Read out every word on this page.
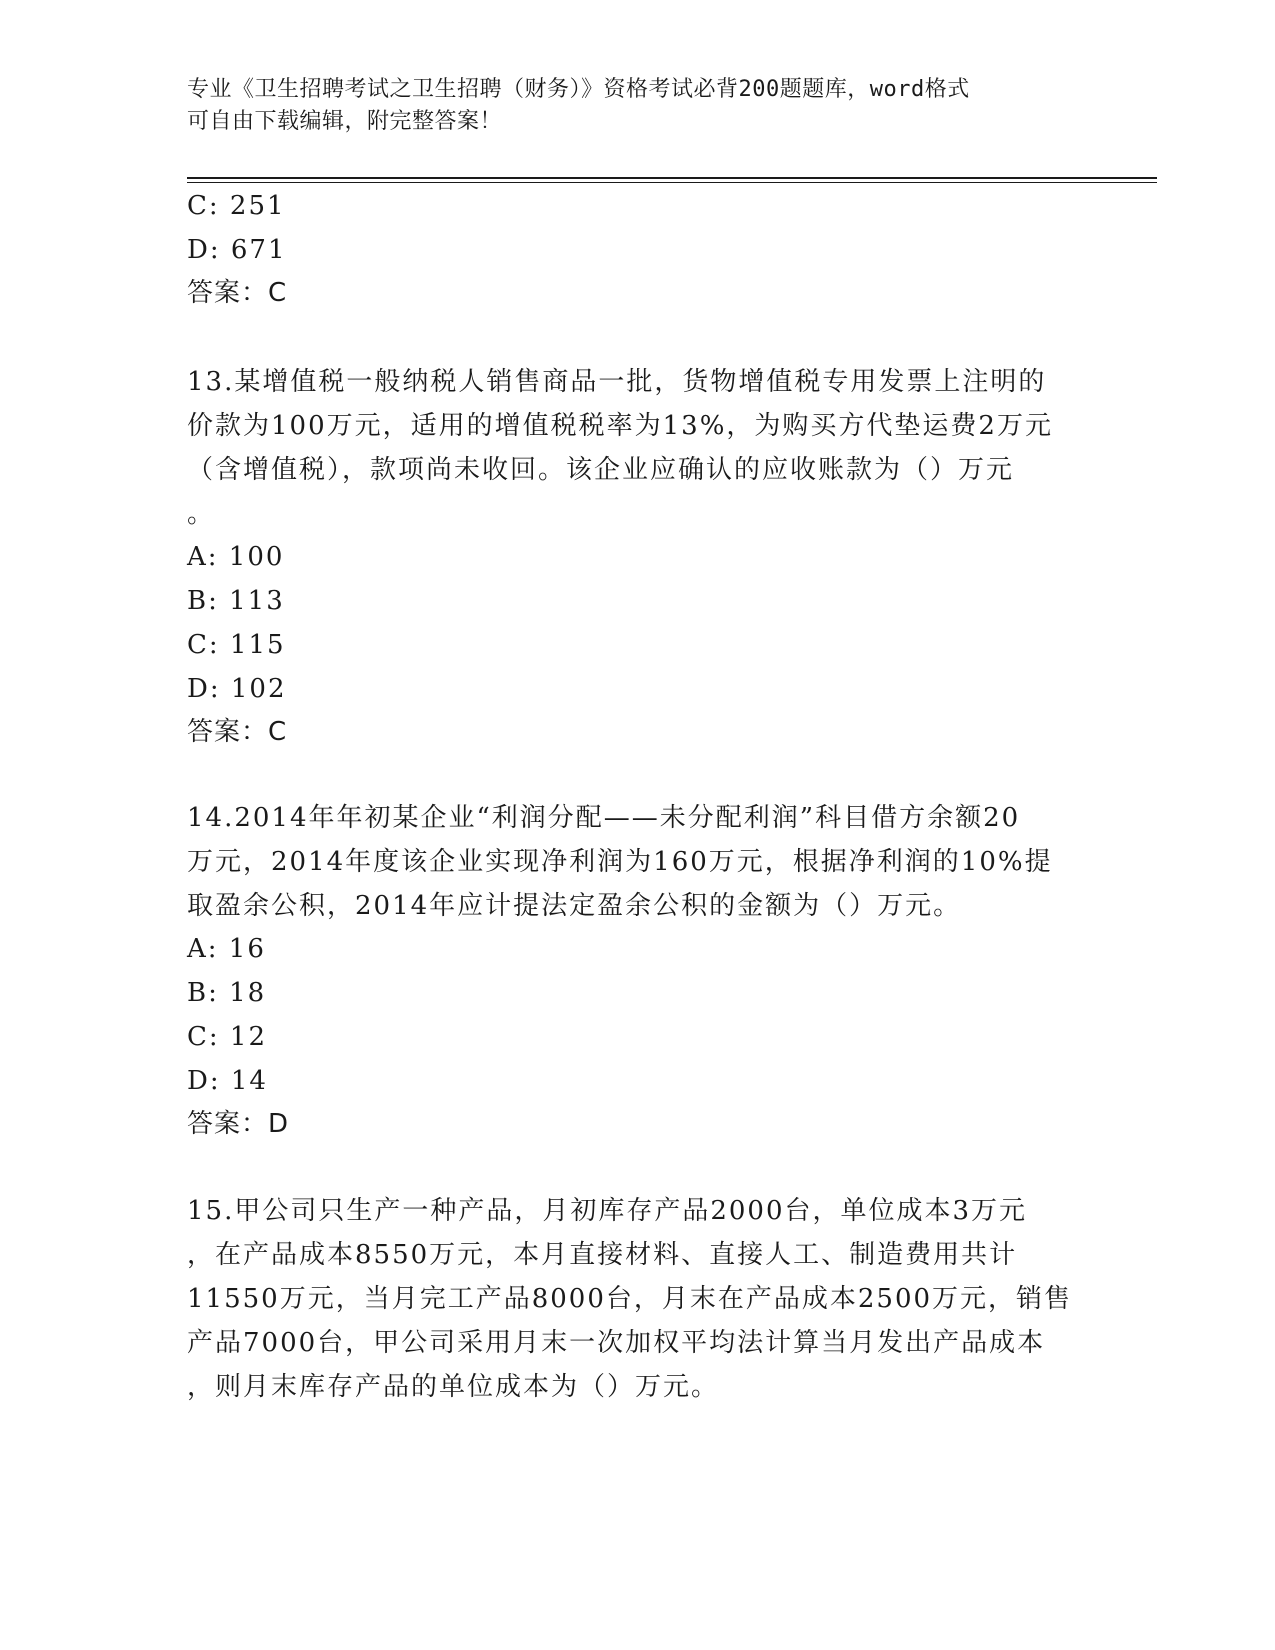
专业《卫生招聘考试之卫生招聘（财务）》资格考试必背200题题库，word格式
可自由下载编辑，附完整答案！
C: 251
D: 671
答案：C
13.某增值税一般纳税人销售商品一批，货物增值税专用发票上注明的
价款为100万元，适用的增值税税率为13%，为购买方代垫运费2万元
（含增值税），款项尚未收回。该企业应确认的应收账款为（）万元
。
A: 100
B: 113
C: 115
D: 102
答案：C
14.2014年年初某企业“利润分配——未分配利润”科目借方余额20
万元，2014年度该企业实现净利润为160万元，根据净利润的10%提
取盈余公积，2014年应计提法定盈余公积的金额为（）万元。
A: 16
B: 18
C: 12
D: 14
答案：D
15.甲公司只生产一种产品，月初库存产品2000台，单位成本3万元
，在产品成本8550万元，本月直接材料、直接人工、制造费用共计
11550万元，当月完工产品8000台，月末在产品成本2500万元，销售
产品7000台，甲公司采用月末一次加权平均法计算当月发出产品成本
，则月末库存产品的单位成本为（）万元。
